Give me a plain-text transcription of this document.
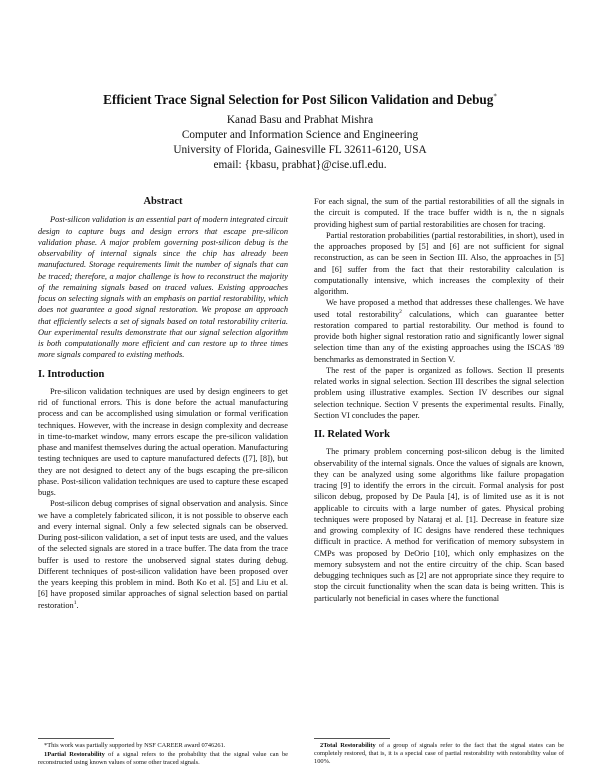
Efficient Trace Signal Selection for Post Silicon Validation and Debug*
Kanad Basu and Prabhat Mishra
Computer and Information Science and Engineering
University of Florida, Gainesville FL 32611-6120, USA
email: {kbasu, prabhat}@cise.ufl.edu.
Abstract

Post-silicon validation is an essential part of modern integrated circuit design to capture bugs and design errors that escape pre-silicon validation phase. A major problem governing post-silicon debug is the observability of internal signals since the chip has already been manufactured. Storage requirements limit the number of signals that can be traced; therefore, a major challenge is how to reconstruct the majority of the remaining signals based on traced values. Existing approaches focus on selecting signals with an emphasis on partial restorability, which does not guarantee a good signal restoration. We propose an approach that efficiently selects a set of signals based on total restorability criteria. Our experimental results demonstrate that our signal selection algorithm is both computationally more efficient and can restore up to three times more signals compared to existing methods.

I. Introduction

Pre-silicon validation techniques are used by design engineers to get rid of functional errors. This is done before the actual manufacturing process and can be accomplished using simulation or formal verification techniques. However, with the increase in design complexity and decrease in time-to-market window, many errors escape the pre-silicon validation phase and manifest themselves during the actual operation. Manufacturing testing techniques are used to capture manufactured defects ([7], [8]), but they are not designed to detect any of the bugs escaping the pre-silicon phase. Post-silicon validation techniques are used to capture these escaped bugs.

Post-silicon debug comprises of signal observation and analysis. Since we have a completely fabricated silicon, it is not possible to observe each and every internal signal. Only a few selected signals can be observed. During post-silicon validation, a set of input tests are used, and the values of the selected signals are stored in a trace buffer. The data from the trace buffer is used to restore the unobserved signal states during debug. Different techniques of post-silicon validation have been proposed over the years keeping this problem in mind. Both Ko et al. [5] and Liu et al. [6] have proposed similar approaches of signal selection based on partial restoration$^1$.

For each signal, the sum of the partial restorabilities of all the signals in the circuit is computed. If the trace buffer width is n, the n signals providing highest sum of partial restorabilities are chosen for tracing.

Partial restoration probabilities (partial restorabilities, in short), used in the approaches proposed by [5] and [6] are not sufficient for signal reconstruction, as can be seen in Section III. Also, the approaches in [5] and [6] suffer from the fact that their restorability calculation is computationally intensive, which increases the complexity of their algorithm.

We have proposed a method that addresses these challenges. We have used total restorability$^2$ calculations, which can guarantee better restoration compared to partial restorability. Our method is found to provide both higher signal restoration ratio and significantly lower signal selection time than any of the existing approaches using the ISCAS '89 benchmarks as demonstrated in Section V.

The rest of the paper is organized as follows. Section II presents related works in signal selection. Section III describes the signal selection problem using illustrative examples. Section IV describes our signal selection technique. Section V presents the experimental results. Finally, Section VI concludes the paper.

II. Related Work

The primary problem concerning post-silicon debug is the limited observability of the internal signals. Once the values of signals are known, they can be analyzed using some algorithms like failure propagation tracing [9] to identify the errors in the circuit. Formal analysis for post silicon debug, proposed by De Paula [4], is of limited use as it is not applicable to circuits with a large number of gates. Physical probing techniques were proposed by Nataraj et al. [1]. Decrease in feature size and growing complexity of IC designs have rendered these techniques difficult in practice. A method for verification of memory subsystem in CMPs was proposed by DeOrio [10], which only emphasizes on the memory subsystem and not the entire circuitry of the chip. Scan based debugging techniques such as [2] are not appropriate since they require to stop the circuit functionality when the scan data is being written. This is particularly not beneficial in cases where the functional

*This work was partially supported by NSF CAREER award 0746261.

1Partial Restorability of a signal refers to the probability that the signal value can be reconstructed using known values of some other traced signals.

2Total Restorability of a group of signals refer to the fact that the signal states can be completely restored, that is, it is a special case of partial restorability with restorability value of 100%.
